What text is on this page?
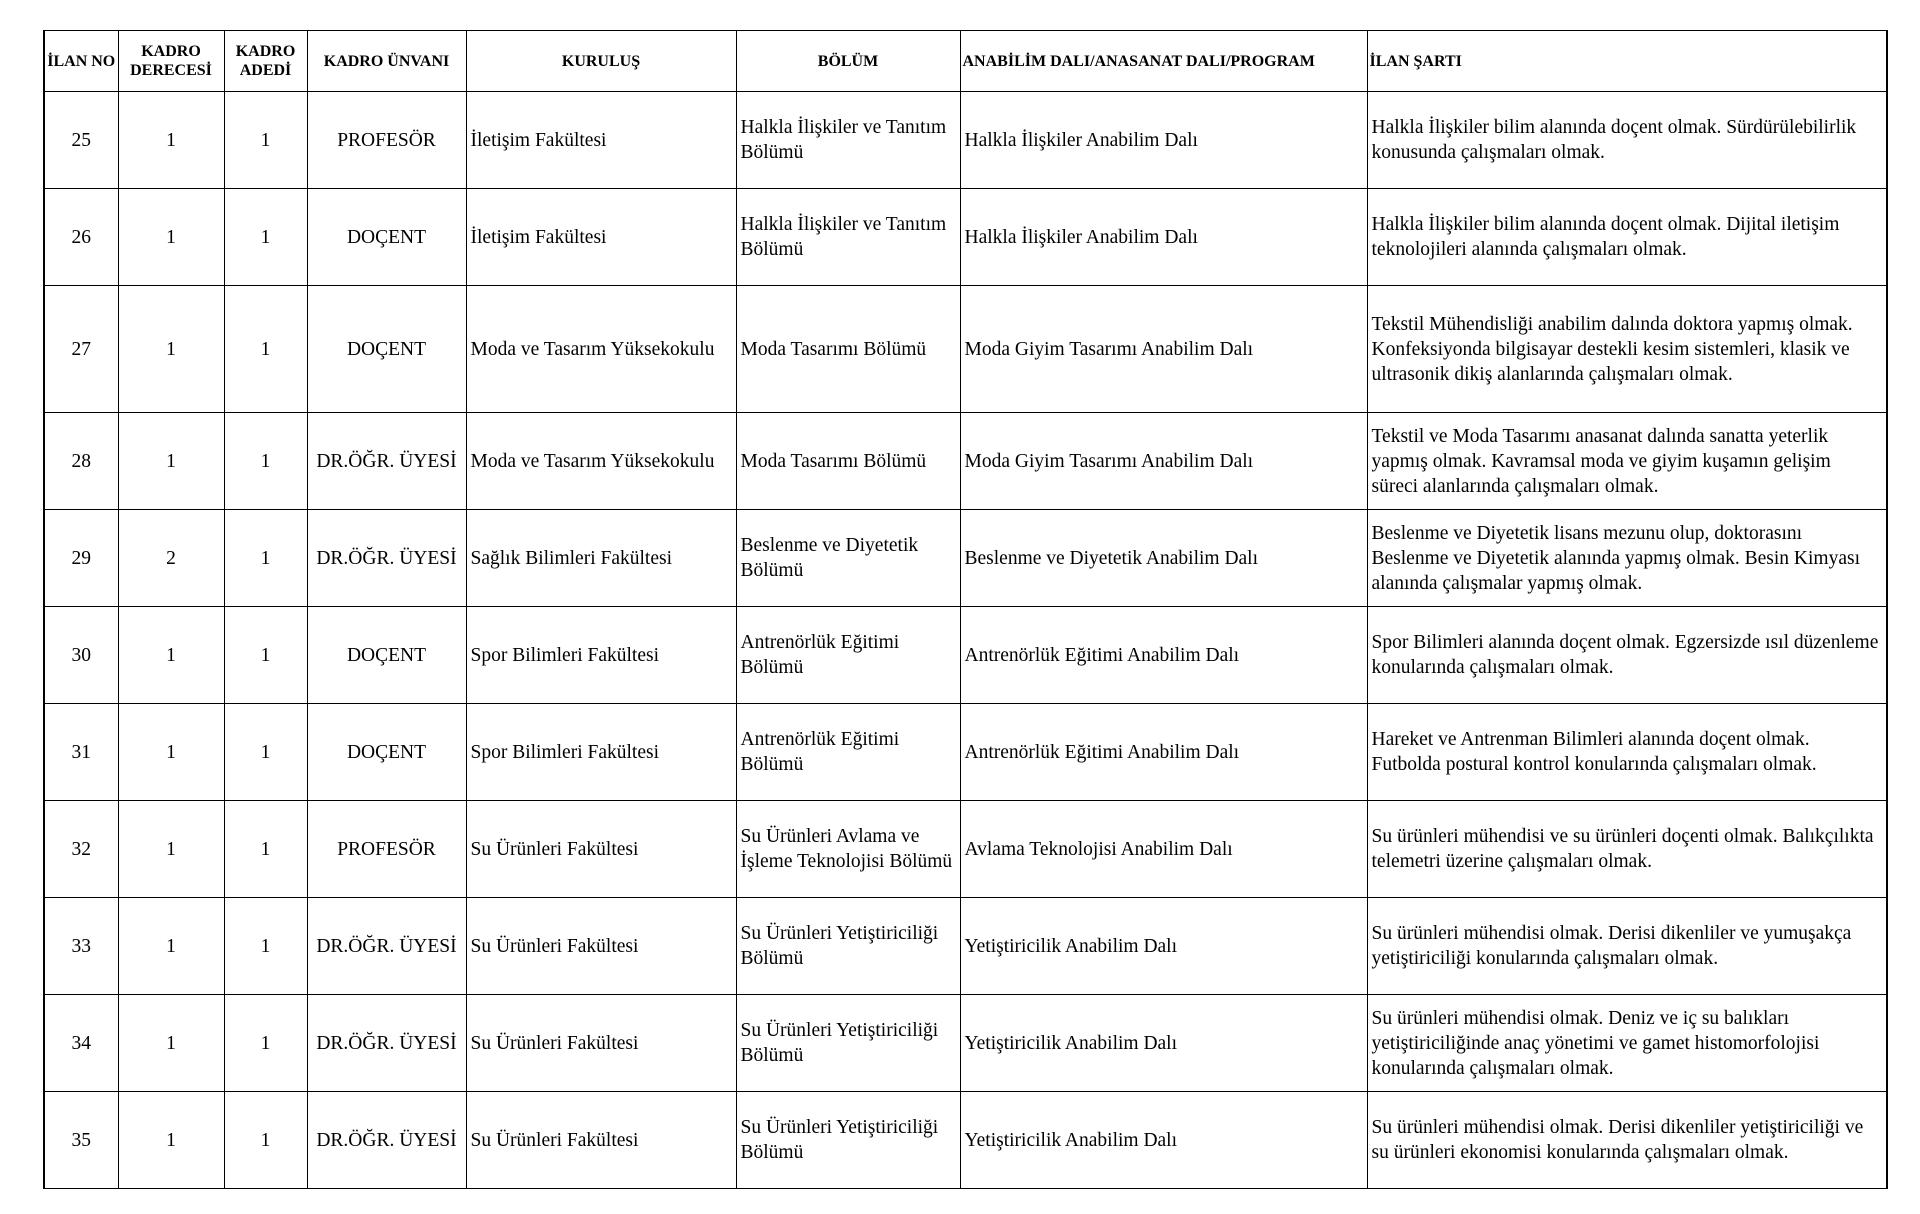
İLAN NO	KADRO DERECESİ	KADRO ADEDİ	KADRO ÜNVANI	KURULUŞ	BÖLÜM	ANABİLİM DALI/ANASANAT DALI/PROGRAM	İLAN ŞARTI
25	1	1	PROFESÖR	İletişim Fakültesi	Halkla İlişkiler ve Tanıtım Bölümü	Halkla İlişkiler Anabilim Dalı	Halkla İlişkiler bilim alanında doçent olmak. Sürdürülebilirlik konusunda çalışmaları olmak.
26	1	1	DOÇENT	İletişim Fakültesi	Halkla İlişkiler ve Tanıtım Bölümü	Halkla İlişkiler Anabilim Dalı	Halkla İlişkiler bilim alanında doçent olmak. Dijital iletişim teknolojileri alanında çalışmaları olmak.
27	1	1	DOÇENT	Moda ve Tasarım Yüksekokulu	Moda Tasarımı Bölümü	Moda Giyim Tasarımı Anabilim Dalı	Tekstil Mühendisliği anabilim dalında doktora yapmış olmak. Konfeksiyonda bilgisayar destekli kesim sistemleri, klasik ve ultrasonik dikiş alanlarında çalışmaları olmak.
28	1	1	DR.ÖĞR. ÜYESİ	Moda ve Tasarım Yüksekokulu	Moda Tasarımı Bölümü	Moda Giyim Tasarımı Anabilim Dalı	Tekstil ve Moda Tasarımı anasanat dalında sanatta yeterlik yapmış olmak. Kavramsal moda ve giyim kuşamın gelişim süreci alanlarında çalışmaları olmak.
29	2	1	DR.ÖĞR. ÜYESİ	Sağlık Bilimleri Fakültesi	Beslenme ve Diyetetik Bölümü	Beslenme ve Diyetetik Anabilim Dalı	Beslenme ve Diyetetik lisans mezunu olup, doktorasını Beslenme ve Diyetetik alanında yapmış olmak. Besin Kimyası alanında çalışmalar yapmış olmak.
30	1	1	DOÇENT	Spor Bilimleri Fakültesi	Antrenörlük Eğitimi Bölümü	Antrenörlük Eğitimi Anabilim Dalı	Spor Bilimleri alanında doçent olmak. Egzersizde ısıl düzenleme konularında çalışmaları olmak.
31	1	1	DOÇENT	Spor Bilimleri Fakültesi	Antrenörlük Eğitimi Bölümü	Antrenörlük Eğitimi Anabilim Dalı	Hareket ve Antrenman Bilimleri alanında doçent olmak. Futbolda postural kontrol konularında çalışmaları olmak.
32	1	1	PROFESÖR	Su Ürünleri Fakültesi	Su Ürünleri Avlama ve İşleme Teknolojisi Bölümü	Avlama Teknolojisi Anabilim Dalı	Su ürünleri mühendisi ve su ürünleri doçenti olmak. Balıkçılıkta telemetri üzerine çalışmaları olmak.
33	1	1	DR.ÖĞR. ÜYESİ	Su Ürünleri Fakültesi	Su Ürünleri Yetiştiriciliği Bölümü	Yetiştiricilik Anabilim Dalı	Su ürünleri mühendisi olmak. Derisi dikenliler ve yumuşakça yetiştiriciliği konularında çalışmaları olmak.
34	1	1	DR.ÖĞR. ÜYESİ	Su Ürünleri Fakültesi	Su Ürünleri Yetiştiriciliği Bölümü	Yetiştiricilik Anabilim Dalı	Su ürünleri mühendisi olmak. Deniz ve iç su balıkları yetiştiriciliğinde anaç yönetimi ve gamet histomorfolojisi konularında çalışmaları olmak.
35	1	1	DR.ÖĞR. ÜYESİ	Su Ürünleri Fakültesi	Su Ürünleri Yetiştiriciliği Bölümü	Yetiştiricilik Anabilim Dalı	Su ürünleri mühendisi olmak. Derisi dikenliler yetiştiriciliği ve su ürünleri ekonomisi konularında çalışmaları olmak.
